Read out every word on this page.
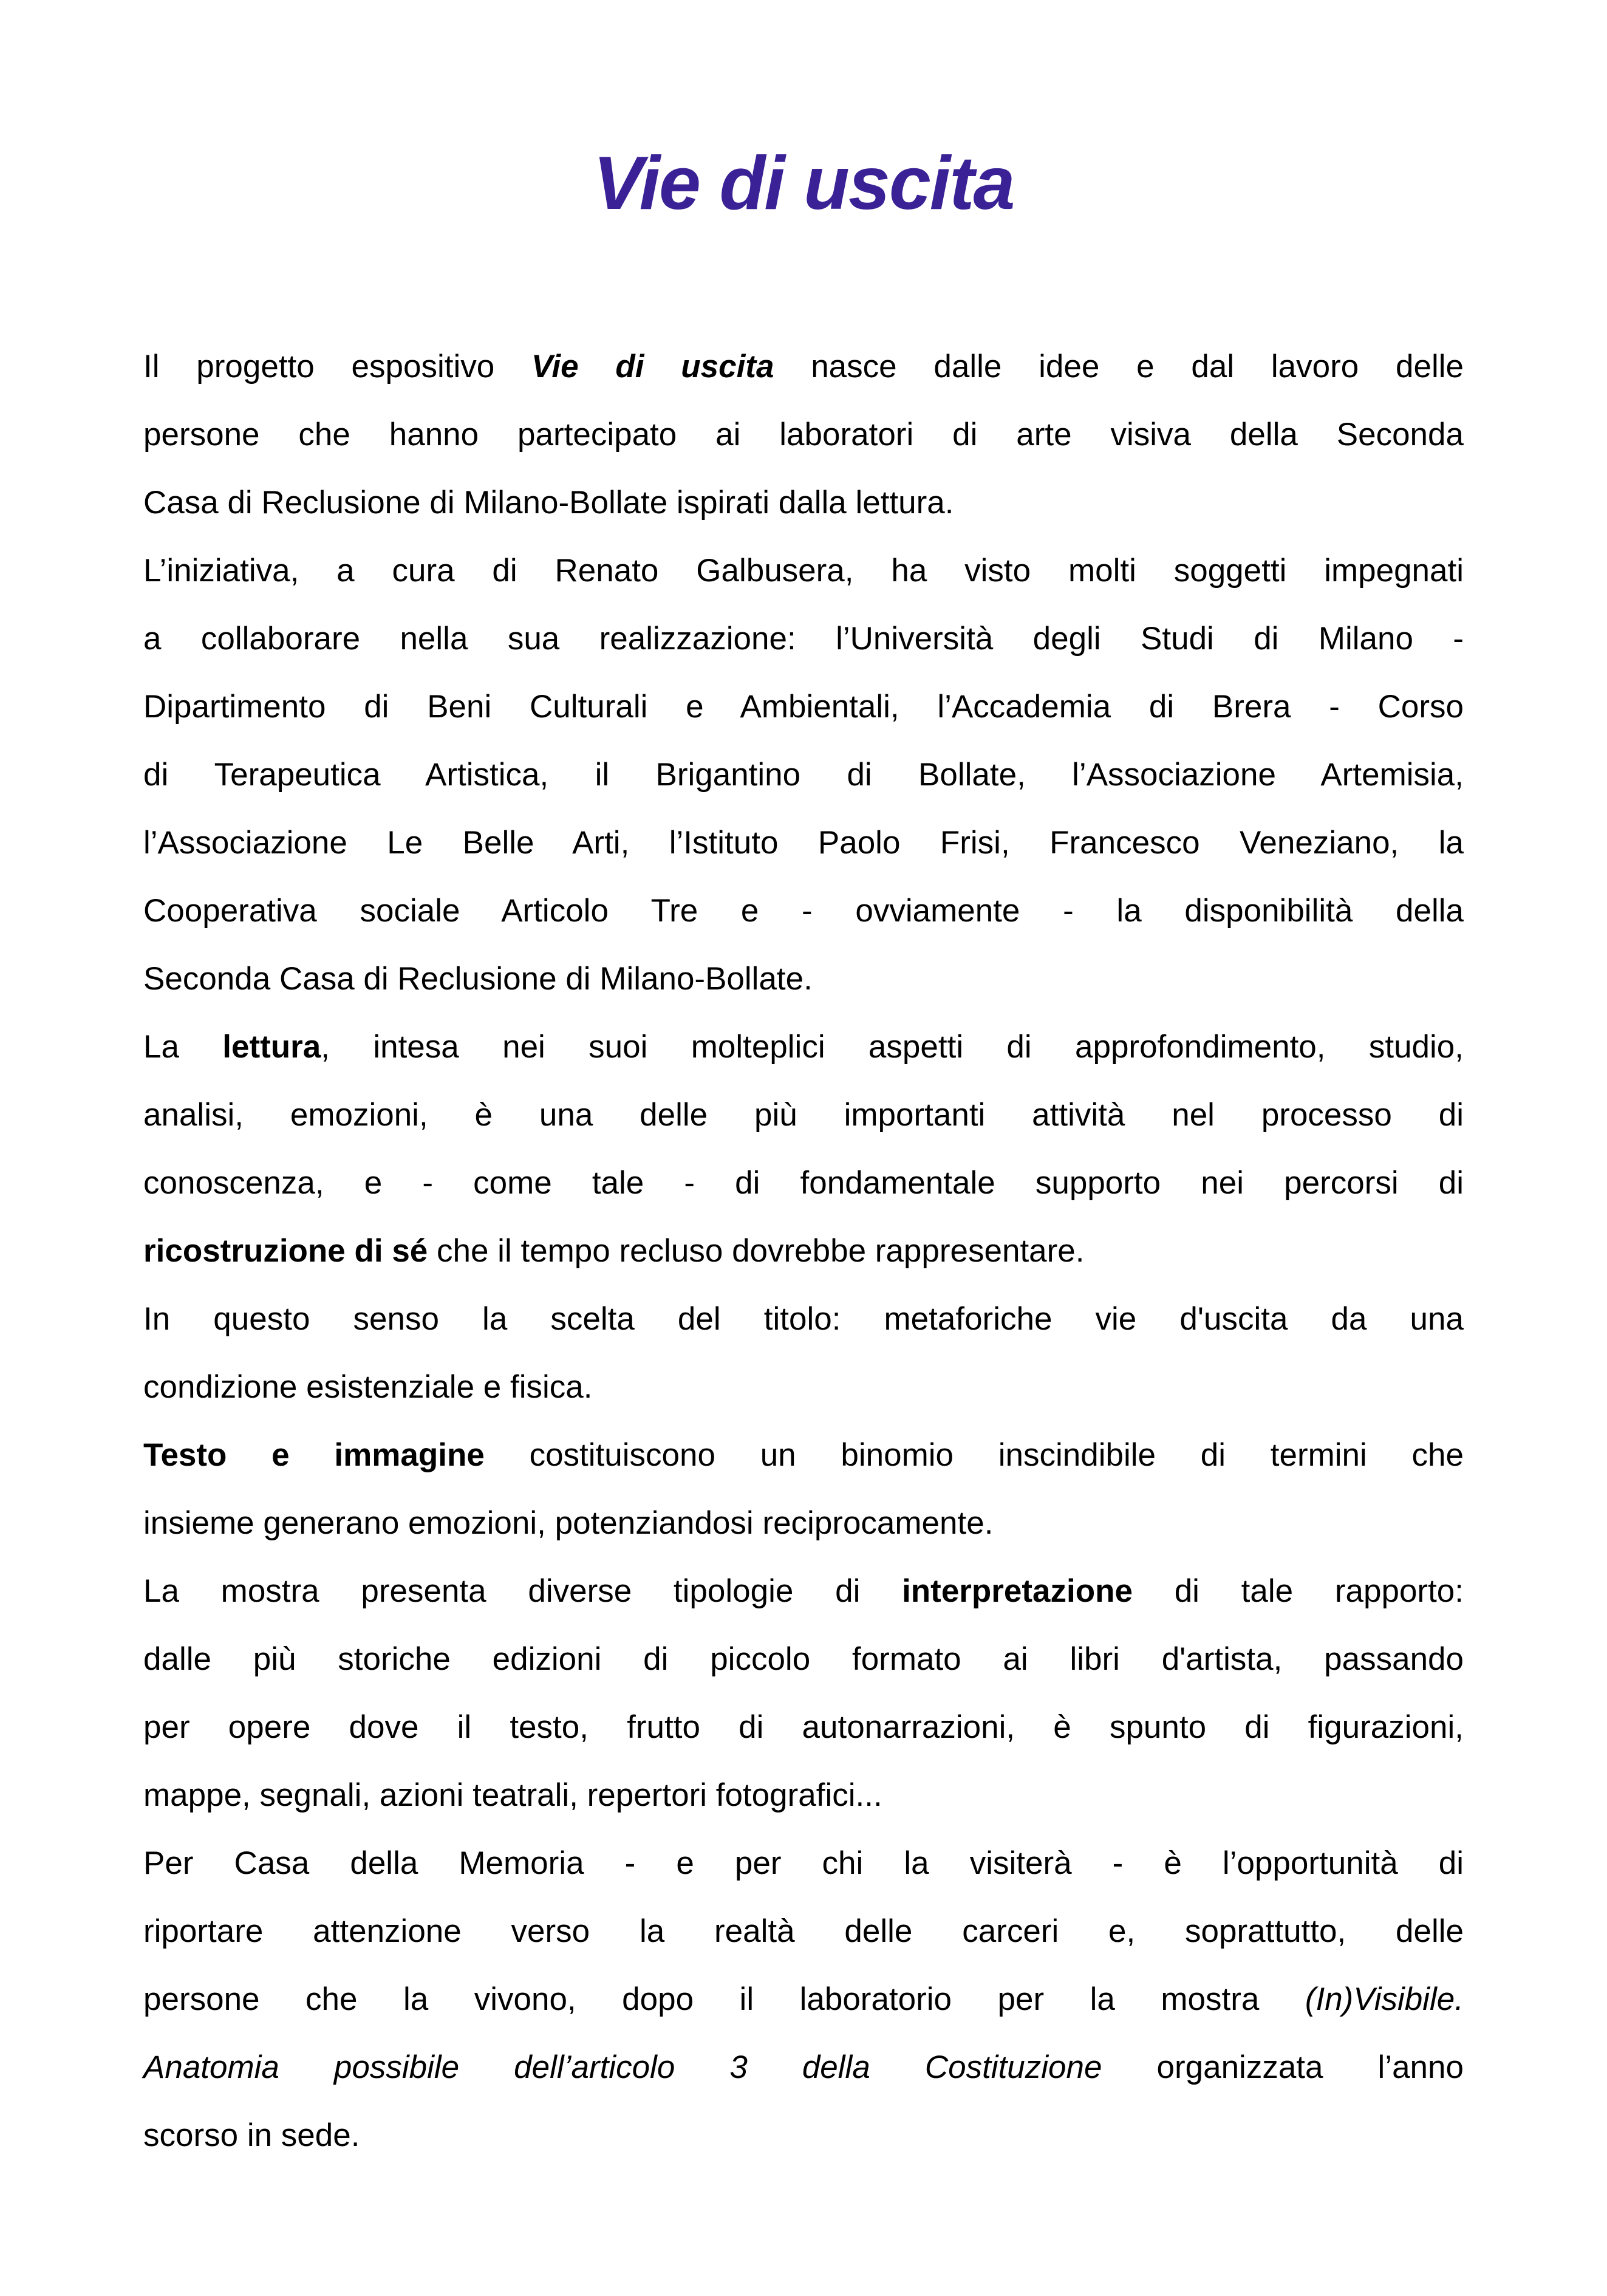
Vie di uscita
Il progetto espositivo Vie di uscita nasce dalle idee e dal lavoro delle
persone che hanno partecipato ai laboratori di arte visiva della Seconda
Casa di Reclusione di Milano-Bollate ispirati dalla lettura.
L’iniziativa, a cura di Renato Galbusera, ha visto molti soggetti impegnati
a collaborare nella sua realizzazione: l’Università degli Studi di Milano -
Dipartimento di Beni Culturali e Ambientali, l’Accademia di Brera - Corso
di Terapeutica Artistica, il Brigantino di Bollate, l’Associazione Artemisia,
l’Associazione Le Belle Arti, l’Istituto Paolo Frisi, Francesco Veneziano, la
Cooperativa sociale Articolo Tre e - ovviamente - la disponibilità della
Seconda Casa di Reclusione di Milano-Bollate.
La lettura, intesa nei suoi molteplici aspetti di approfondimento, studio,
analisi, emozioni, è una delle più importanti attività nel processo di
conoscenza, e - come tale - di fondamentale supporto nei percorsi di
ricostruzione di sé che il tempo recluso dovrebbe rappresentare.
In questo senso la scelta del titolo: metaforiche vie d'uscita da una
condizione esistenziale e fisica.
Testo e immagine costituiscono un binomio inscindibile di termini che
insieme generano emozioni, potenziandosi reciprocamente.
La mostra presenta diverse tipologie di interpretazione di tale rapporto:
dalle più storiche edizioni di piccolo formato ai libri d'artista, passando
per opere dove il testo, frutto di autonarrazioni, è spunto di figurazioni,
mappe, segnali, azioni teatrali, repertori fotografici...
Per Casa della Memoria - e per chi la visiterà - è l’opportunità di
riportare attenzione verso la realtà delle carceri e, soprattutto, delle
persone che la vivono, dopo il laboratorio per la mostra (In)Visibile.
Anatomia possibile dell’articolo 3 della Costituzione organizzata l’anno
scorso in sede.
